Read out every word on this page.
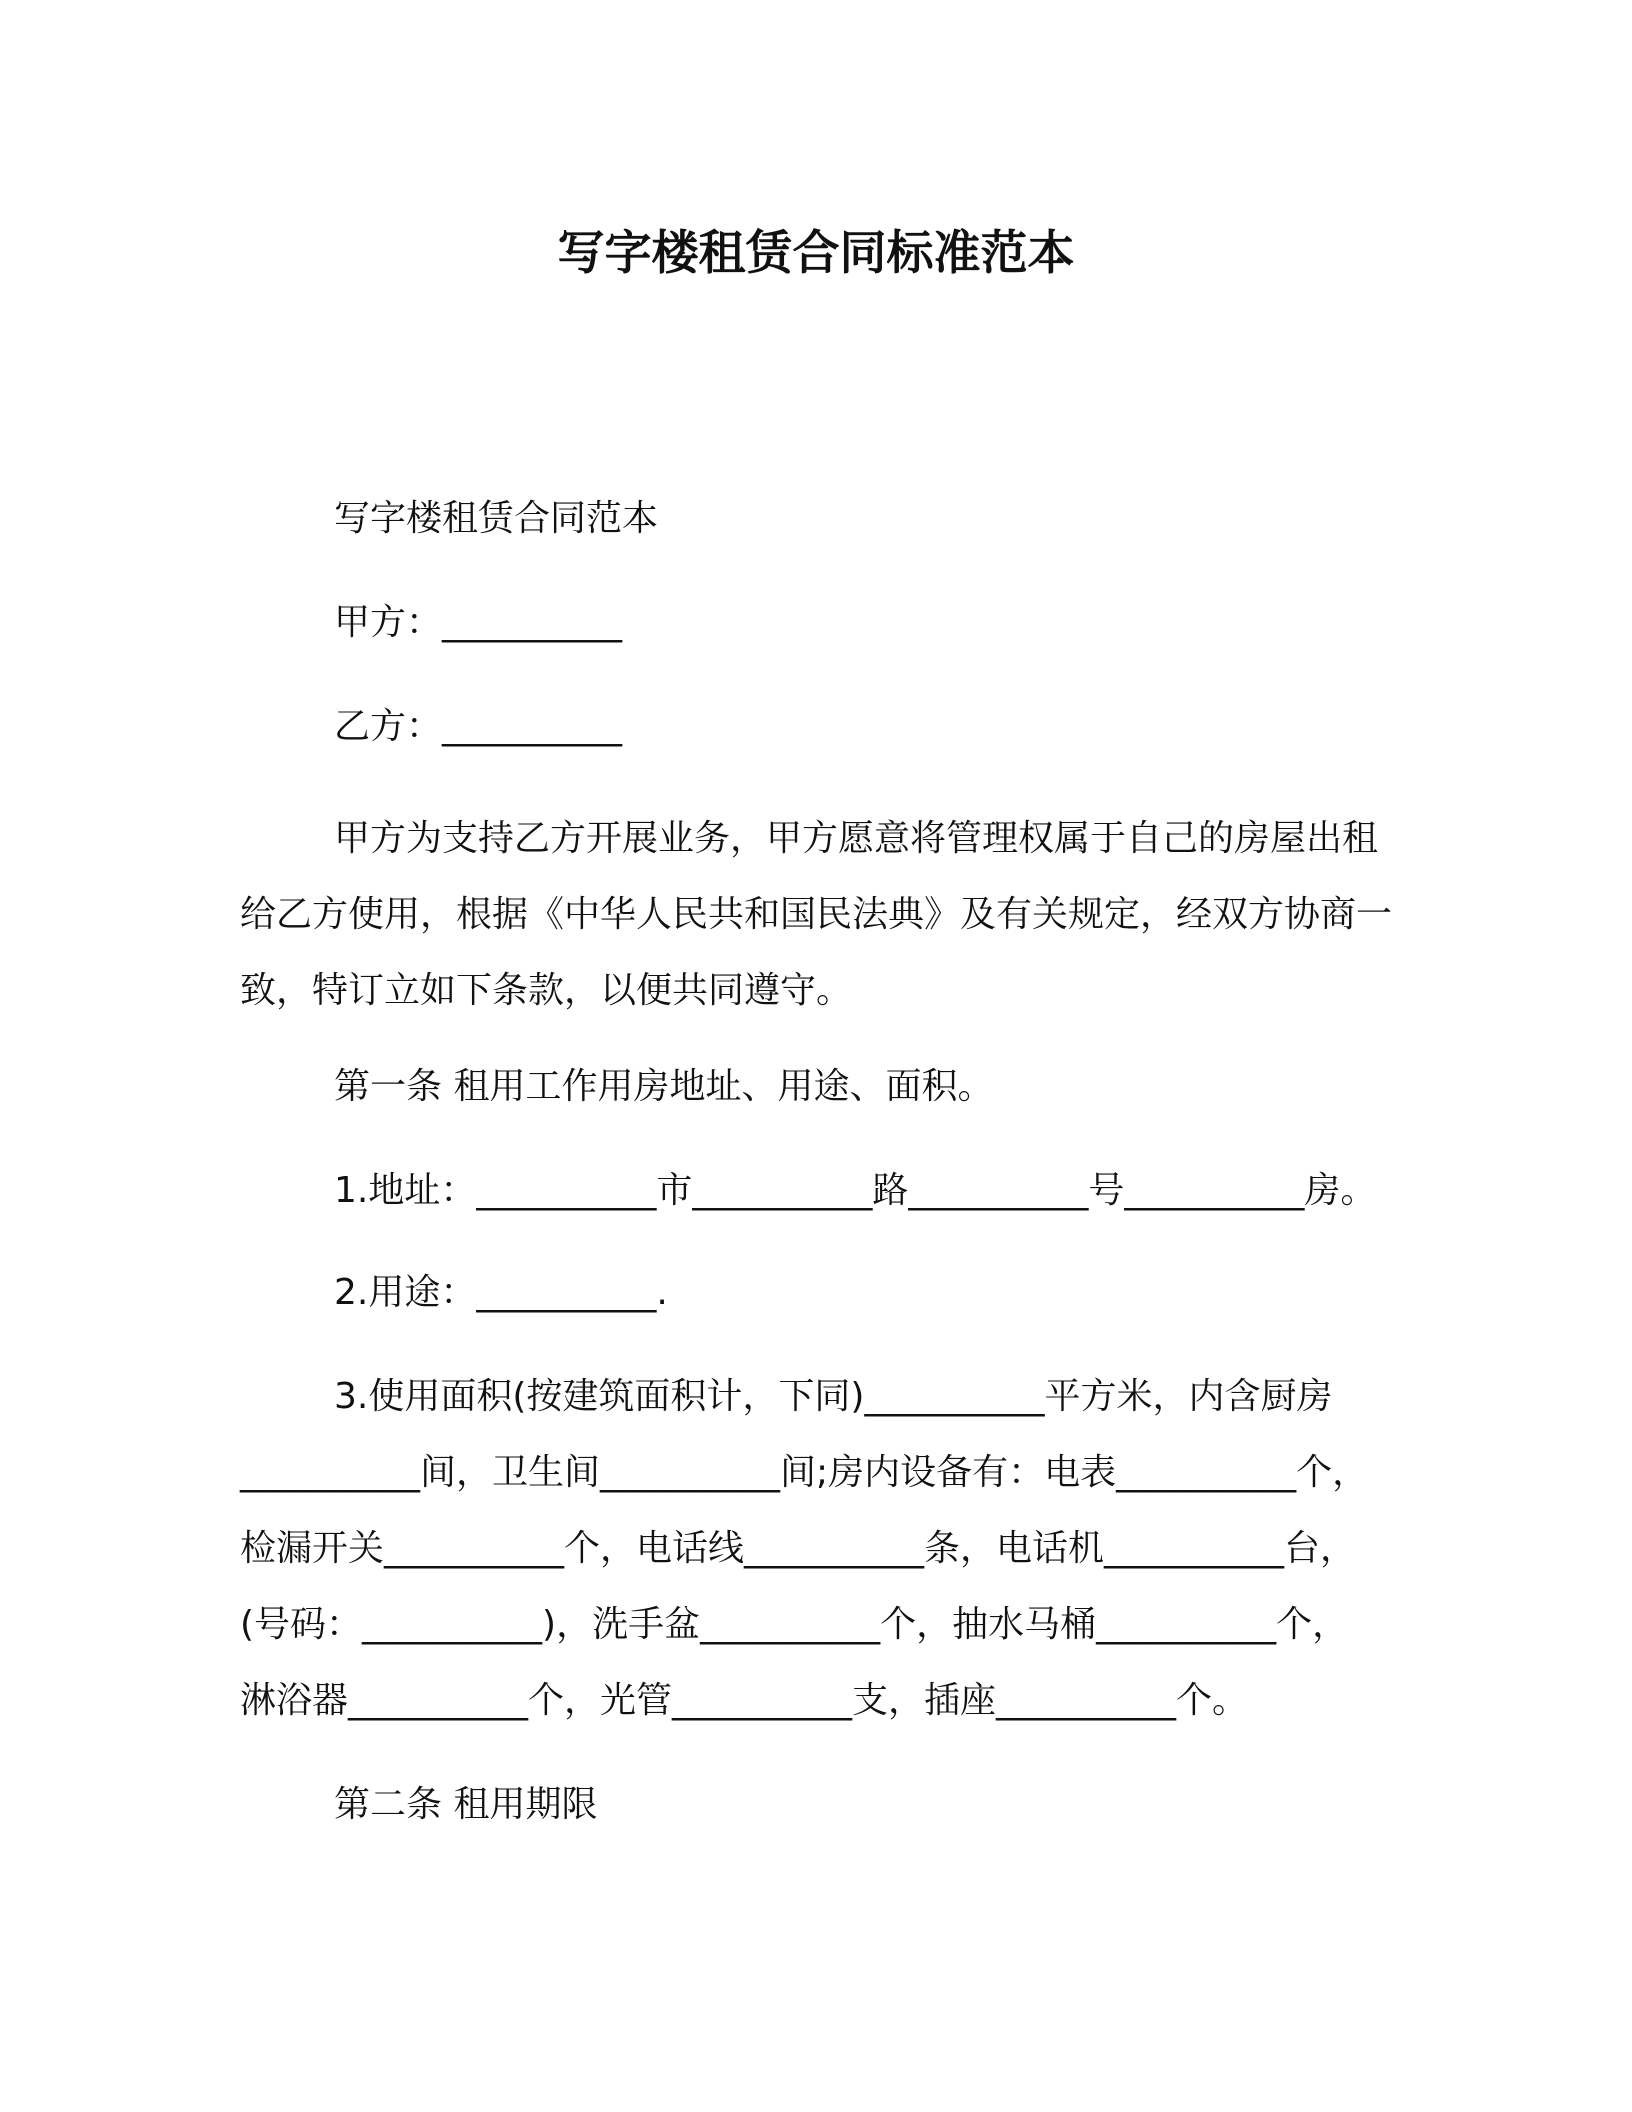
写字楼租赁合同标准范本
写字楼租赁合同范本
甲方：__________
乙方：__________
甲方为支持乙方开展业务，甲方愿意将管理权属于自己的房屋出租给乙方使用，根据《中华人民共和国民法典》及有关规定，经双方协商一致，特订立如下条款，以便共同遵守。
第一条 租用工作用房地址、用途、面积。
1.地址：__________市__________路__________号__________房。
2.用途：__________.
3.使用面积(按建筑面积计，下同)__________平方米，内含厨房
__________间，卫生间__________间;房内设备有：电表__________个，
检漏开关__________个，电话线__________条，电话机__________台，
(号码：__________)，洗手盆__________个，抽水马桶__________个，
淋浴器__________个，光管__________支，插座__________个。
第二条 租用期限
